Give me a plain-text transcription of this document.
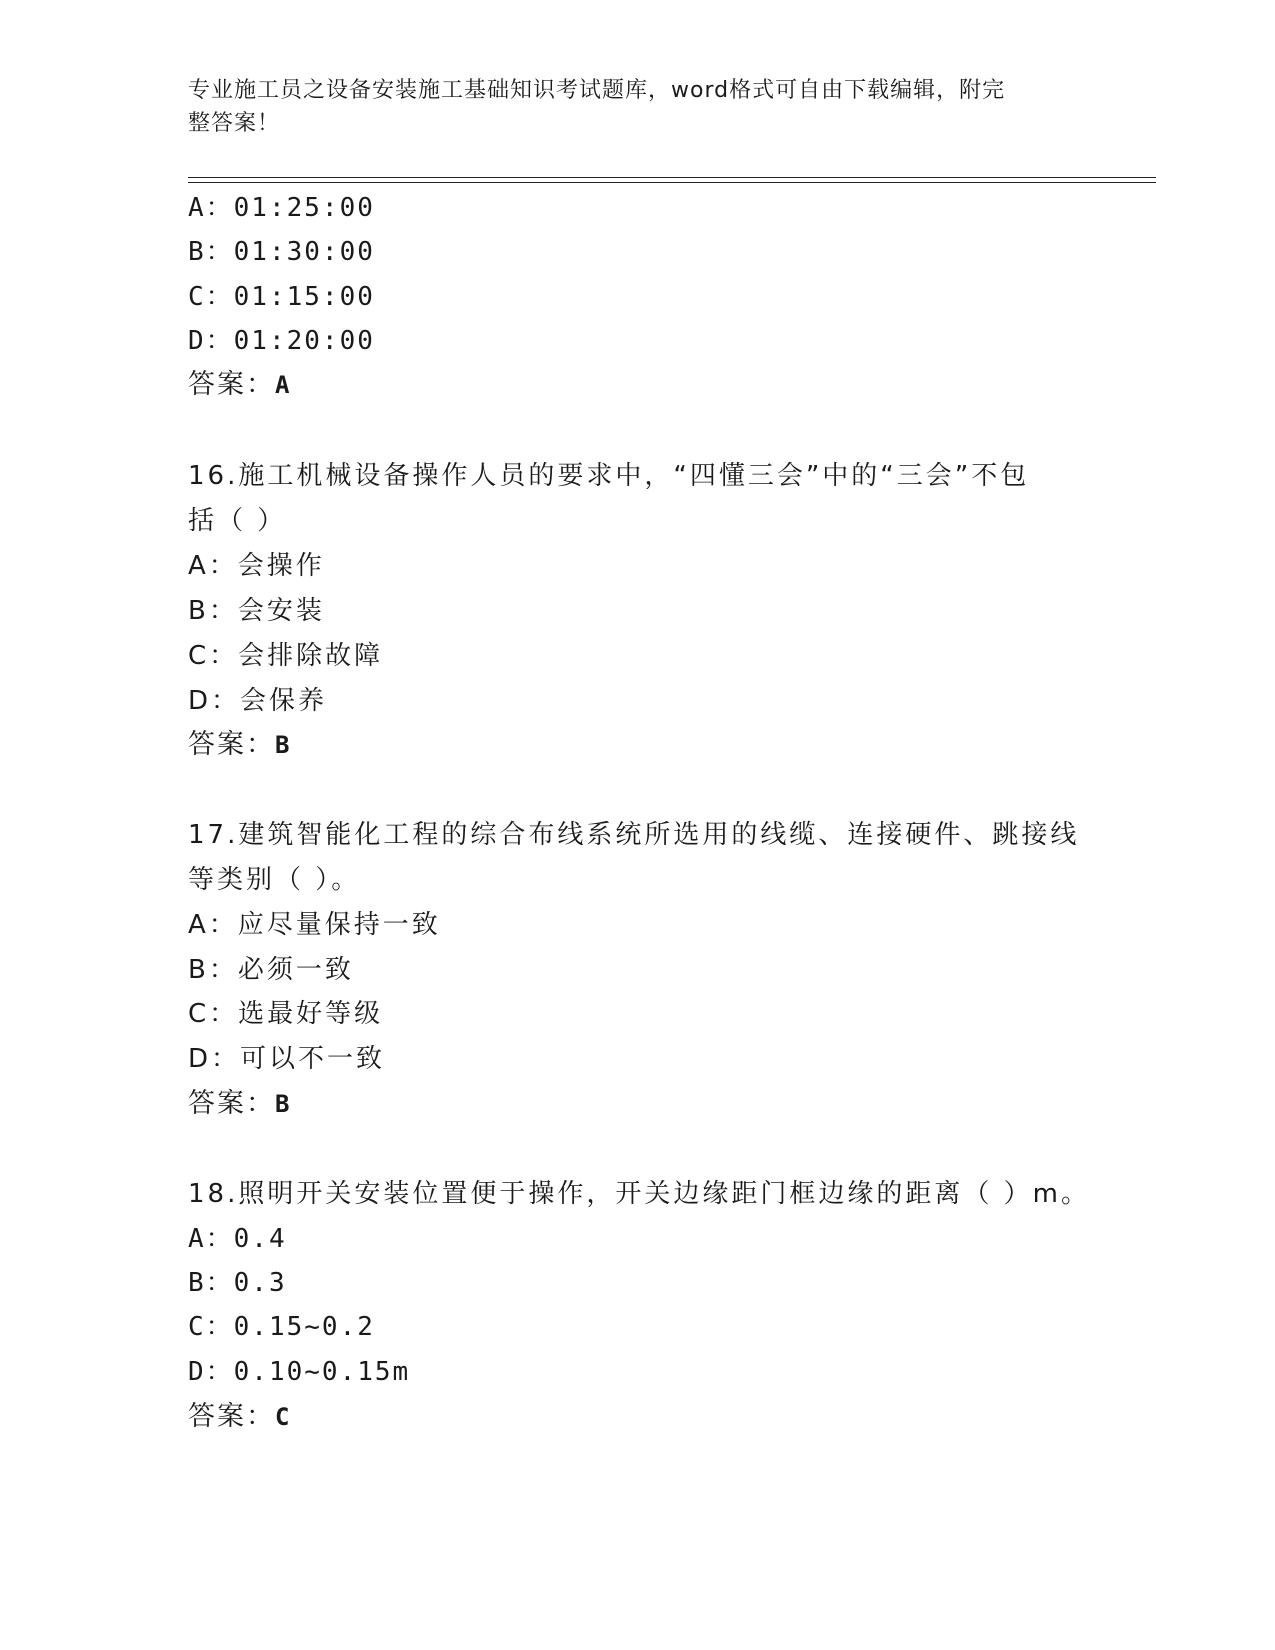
专业施工员之设备安装施工基础知识考试题库，word格式可自由下载编辑，附完
整答案！
A：01:25:00
B：01:30:00
C：01:15:00
D：01:20:00
答案：A
16.施工机械设备操作人员的要求中，“四懂三会”中的“三会”不包
括（ ）
A：会操作
B：会安装
C：会排除故障
D：会保养
答案：B
17.建筑智能化工程的综合布线系统所选用的线缆、连接硬件、跳接线
等类别（ ）。
A：应尽量保持一致
B：必须一致
C：选最好等级
D：可以不一致
答案：B
18.照明开关安装位置便于操作，开关边缘距门框边缘的距离（ ）m。
A：0.4
B：0.3
C：0.15~0.2
D：0.10~0.15m
答案：C
